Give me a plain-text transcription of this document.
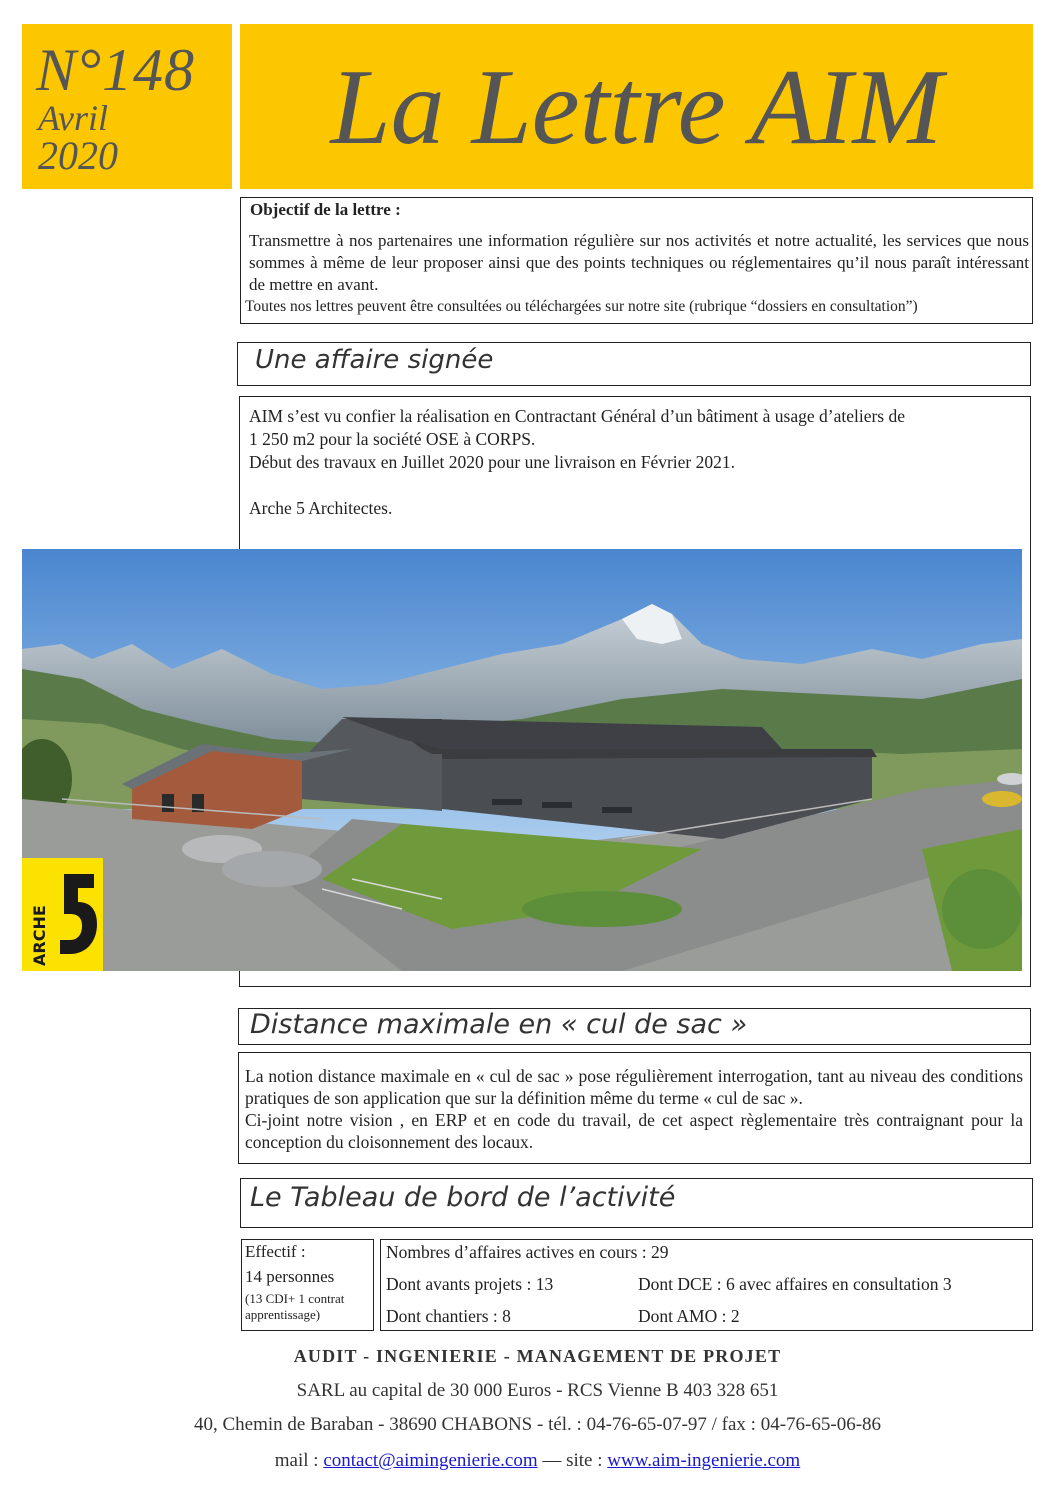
N°148
Avril
2020	La Lettre AIM
Objectif de la lettre :
Transmettre à nos partenaires une information régulière sur nos activités et notre actualité, les services que nous sommes à même de leur proposer ainsi que des points techniques ou réglementaires qu’il nous paraît intéressant de mettre en avant.
Toutes nos lettres peuvent être consultées ou téléchargées sur notre site (rubrique “dossiers en consultation”)
Une affaire signée
AIM s’est vu confier la réalisation en Contractant Général d’un bâtiment à usage d’ateliers de
1 250 m2 pour la société OSE à CORPS.
Début des travaux en Juillet 2020 pour une livraison en Février 2021.
Arche 5 Architectes.
ARCHE
Distance maximale en « cul de sac »
La notion distance maximale en « cul de sac » pose régulièrement interrogation, tant au niveau des conditions pratiques de son application que sur la définition même du terme « cul de sac ».
Ci-joint notre vision , en ERP et en code du travail, de cet aspect règlementaire très contraignant pour la conception du cloisonnement des locaux.
Le Tableau de bord de l’activité
Effectif :
14 personnes
(13 CDI+ 1 contrat apprentissage)
Nombres d’affaires actives en cours : 29
Dont avants projets : 13	Dont DCE : 6 avec affaires en consultation 3
Dont chantiers : 8	Dont AMO : 2
AUDIT - INGENIERIE - MANAGEMENT DE PROJET
SARL au capital de 30 000 Euros - RCS Vienne B 403 328 651
40, Chemin de Baraban - 38690 CHABONS - tél. : 04-76-65-07-97 / fax : 04-76-65-06-86
mail : contact@aimingenierie.com — site : www.aim-ingenierie.com
